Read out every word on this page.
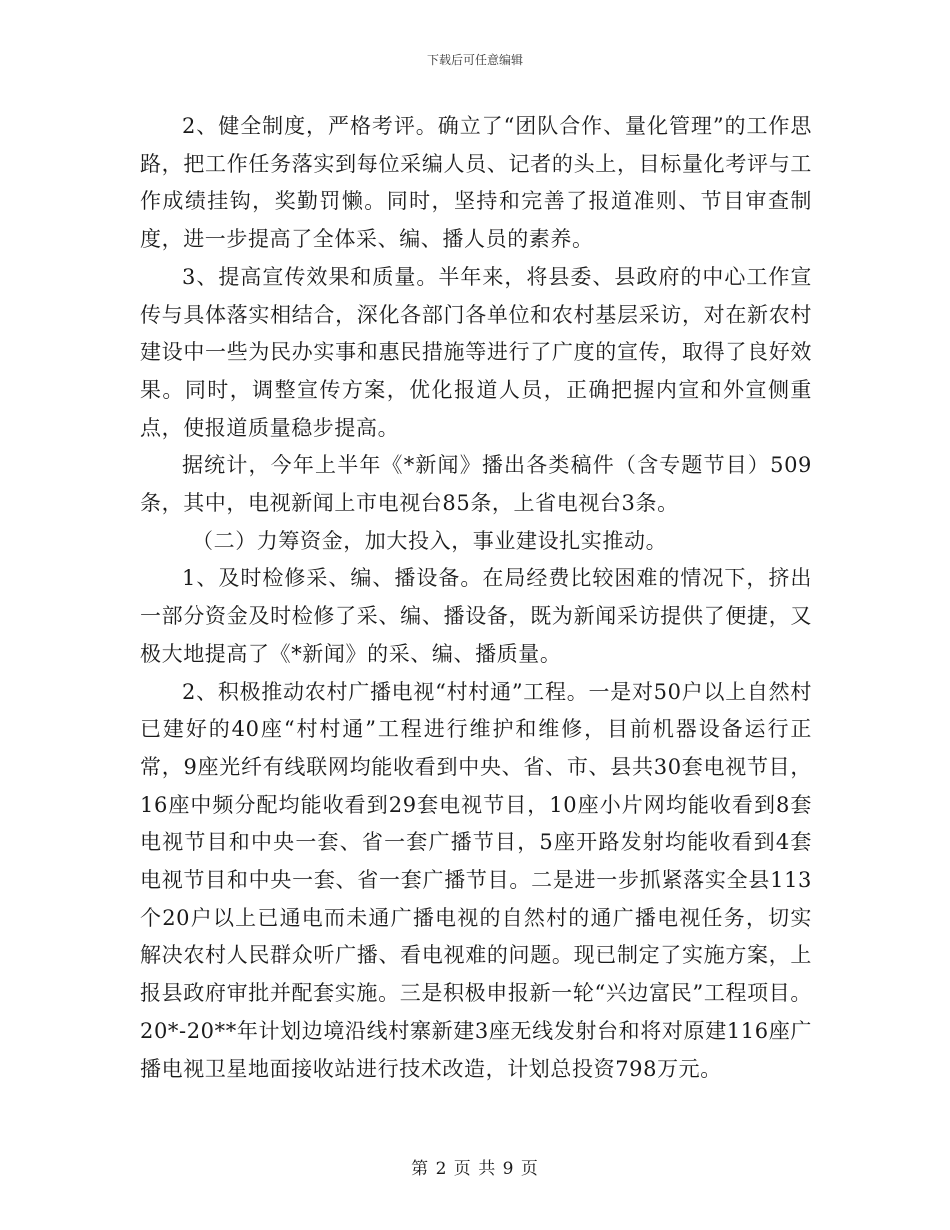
下载后可任意编辑

2、健全制度，严格考评。确立了“团队合作、量化管理”的工作思路，把工作任务落实到每位采编人员、记者的头上，目标量化考评与工作成绩挂钩，奖勤罚懒。同时，坚持和完善了报道准则、节目审查制度，进一步提高了全体采、编、播人员的素养。

3、提高宣传效果和质量。半年来，将县委、县政府的中心工作宣传与具体落实相结合，深化各部门各单位和农村基层采访，对在新农村建设中一些为民办实事和惠民措施等进行了广度的宣传，取得了良好效果。同时，调整宣传方案，优化报道人员，正确把握内宣和外宣侧重点，使报道质量稳步提高。

据统计，今年上半年《*新闻》播出各类稿件（含专题节目）509条，其中，电视新闻上市电视台85条，上省电视台3条。

（二）力筹资金，加大投入，事业建设扎实推动。

1、及时检修采、编、播设备。在局经费比较困难的情况下，挤出一部分资金及时检修了采、编、播设备，既为新闻采访提供了便捷，又极大地提高了《*新闻》的采、编、播质量。

2、积极推动农村广播电视“村村通”工程。一是对50户以上自然村已建好的40座“村村通”工程进行维护和维修，目前机器设备运行正常，9座光纤有线联网均能收看到中央、省、市、县共30套电视节目，16座中频分配均能收看到29套电视节目，10座小片网均能收看到8套电视节目和中央一套、省一套广播节目，5座开路发射均能收看到4套电视节目和中央一套、省一套广播节目。二是进一步抓紧落实全县113个20户以上已通电而未通广播电视的自然村的通广播电视任务，切实解决农村人民群众听广播、看电视难的问题。现已制定了实施方案，上报县政府审批并配套实施。三是积极申报新一轮“兴边富民”工程项目。20*-20**年计划边境沿线村寨新建3座无线发射台和将对原建116座广播电视卫星地面接收站进行技术改造，计划总投资798万元。

第 2 页 共 9 页
